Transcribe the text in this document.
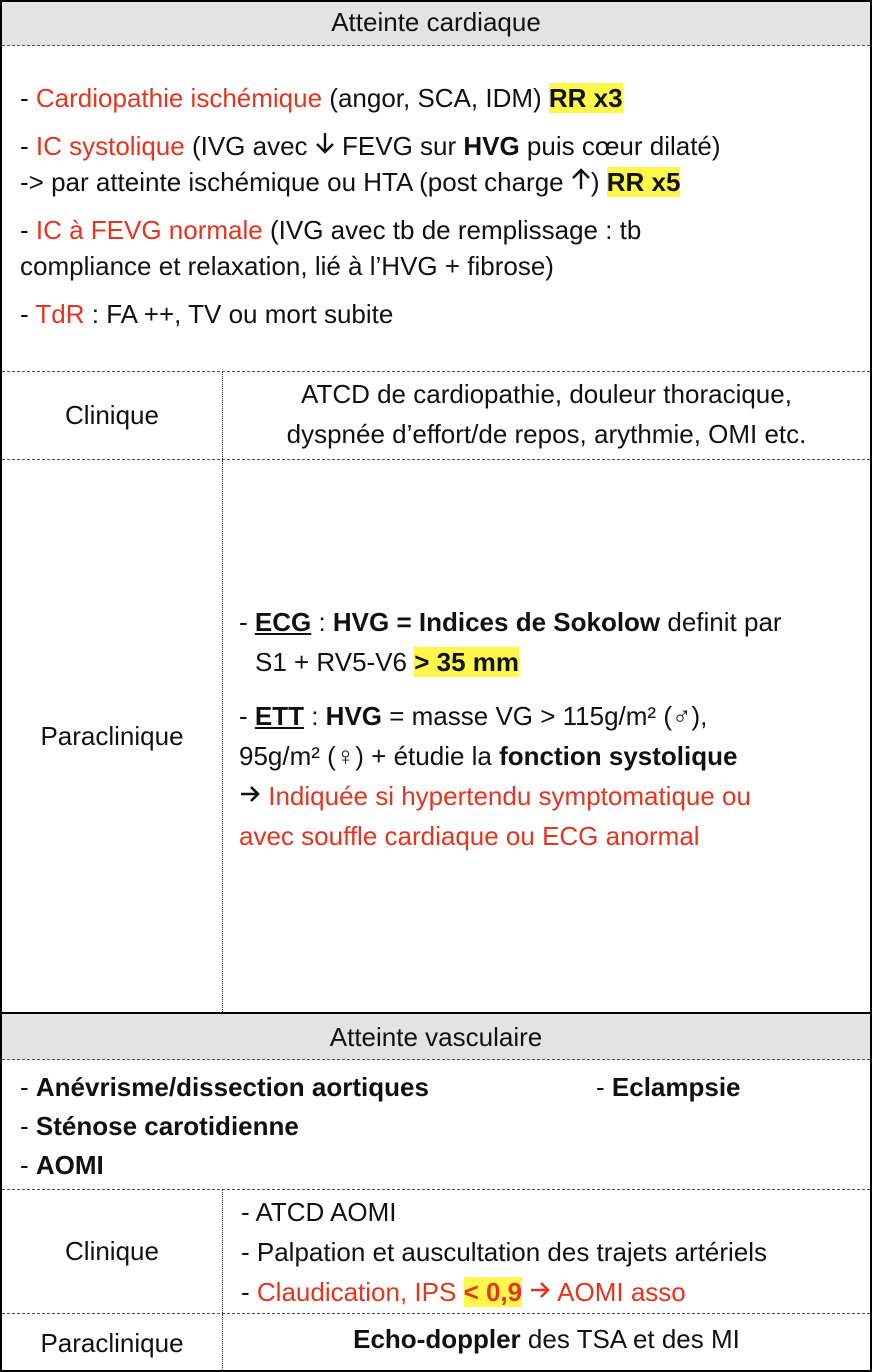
Atteinte cardiaque

- Cardiopathie ischémique (angor, SCA, IDM) RR x3

- IC systolique (IVG avec  FEVG sur HVG puis cœur dilaté)

-> par atteinte ischémique ou HTA (post charge ) RR x5

- IC à FEVG normale (IVG avec tb de remplissage : tb

compliance et relaxation, lié à l’HVG + fibrose)

- TdR : FA ++, TV ou mort subite

Clinique
ATCD de cardiopathie, douleur thoracique,
dyspnée d’effort/de repos, arythmie, OMI etc.
Paraclinique
- ECG : HVG = Indices de Sokolow definit par
S1 + RV5-V6 > 35 mm
- ETT : HVG = masse VG > 115g/m² (♂),
95g/m² (♀) + étudie la fonction systolique
Indiquée si hypertendu symptomatique ou
avec souffle cardiaque ou ECG anormal
Atteinte vasculaire

- Anévrisme/dissection aortiques

- Sténose carotidienne

- AOMI

- Eclampsie
Clinique
- ATCD AOMI
- Palpation et auscultation des trajets artériels
- Claudication, IPS < 0,9  AOMI asso
Paraclinique	Echo-doppler des TSA et des MI
